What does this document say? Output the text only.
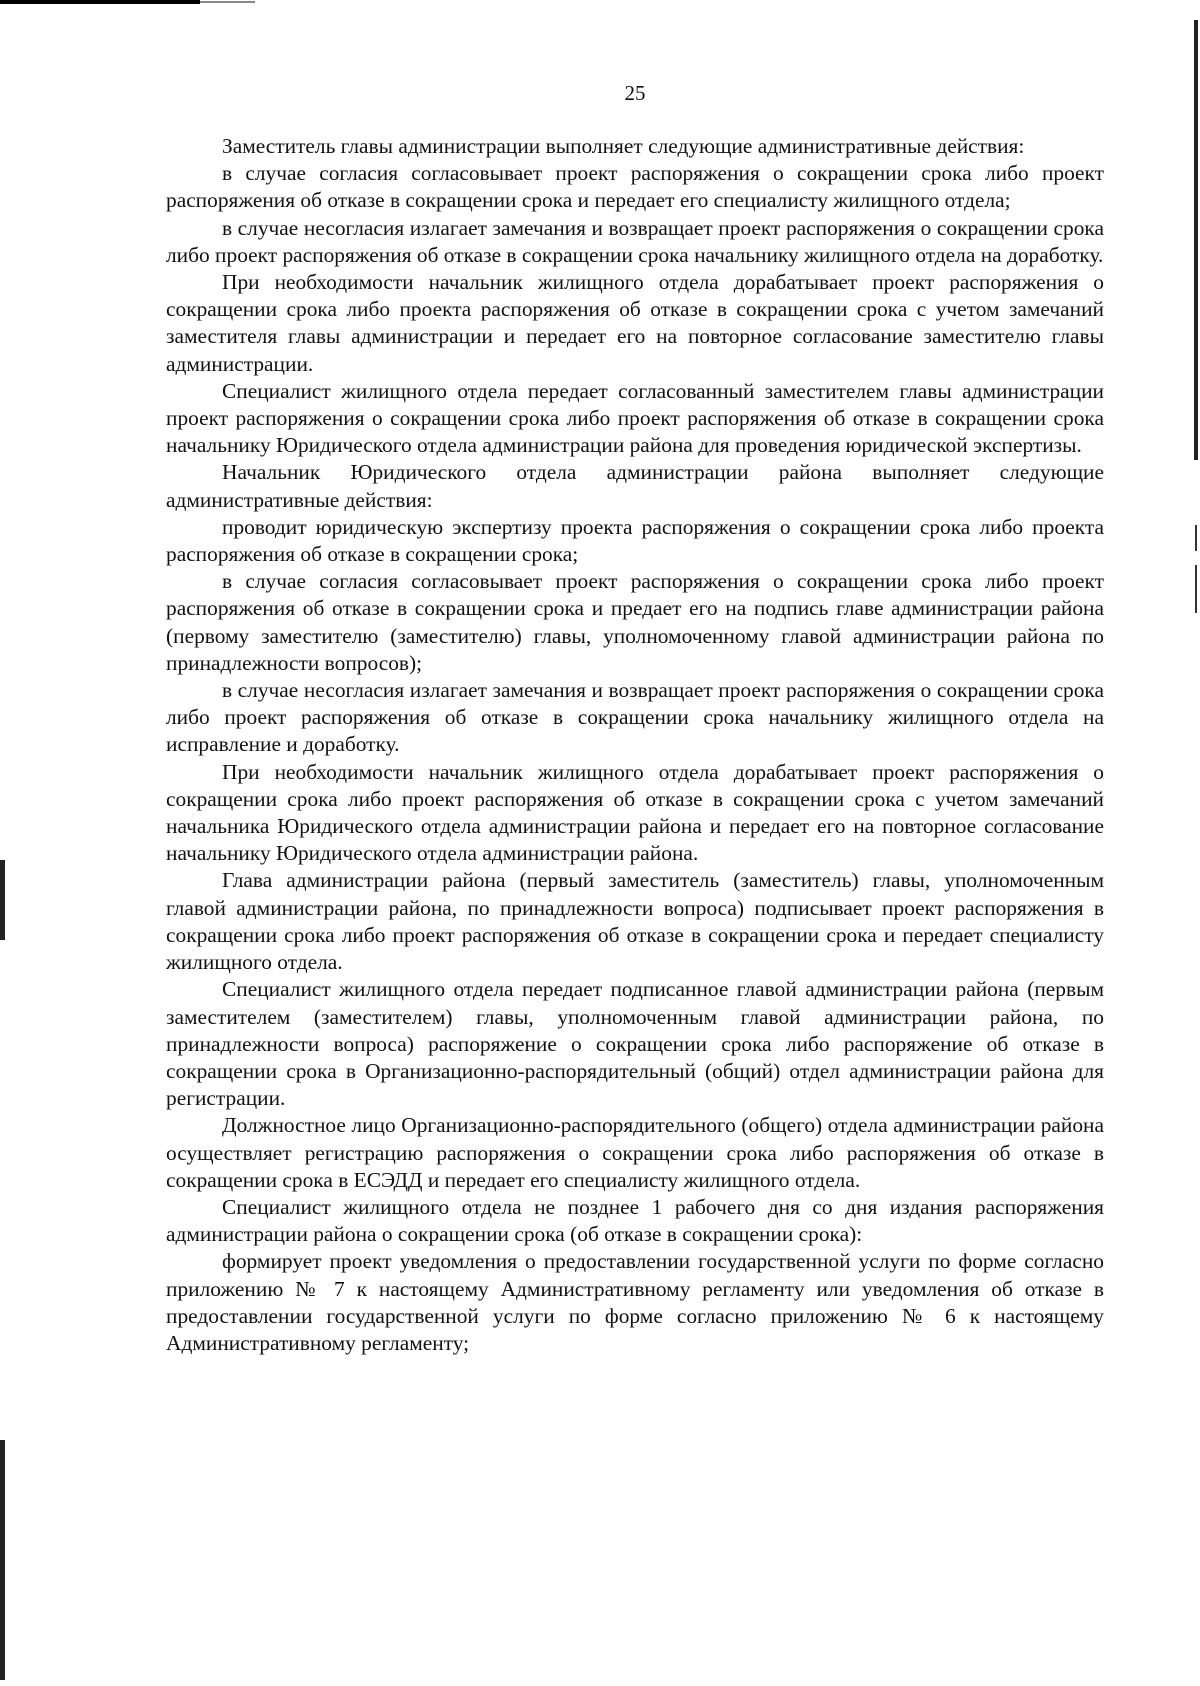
25

Заместитель главы администрации выполняет следующие административные действия:

в случае согласия согласовывает проект распоряжения о сокращении срока либо проект распоряжения об отказе в сокращении срока и передает его специалисту жилищного отдела;

в случае несогласия излагает замечания и возвращает проект распоряжения о сокращении срока либо проект распоряжения об отказе в сокращении срока начальнику жилищного отдела на доработку.

При необходимости начальник жилищного отдела дорабатывает проект распоряжения о сокращении срока либо проекта распоряжения об отказе в сокращении срока с учетом замечаний заместителя главы администрации и передает его на повторное согласование заместителю главы администрации.

Специалист жилищного отдела передает согласованный заместителем главы администрации проект распоряжения о сокращении срока либо проект распоряжения об отказе в сокращении срока начальнику Юридического отдела администрации района для проведения юридической экспертизы.

Начальник Юридического отдела администрации района выполняет следующие административные действия:

проводит юридическую экспертизу проекта распоряжения о сокращении срока либо проекта распоряжения об отказе в сокращении срока;

в случае согласия согласовывает проект распоряжения о сокращении срока либо проект распоряжения об отказе в сокращении срока и предает его на подпись главе администрации района (первому заместителю (заместителю) главы, уполномоченному главой администрации района по принадлежности вопросов);

в случае несогласия излагает замечания и возвращает проект распоряжения о сокращении срока либо проект распоряжения об отказе в сокращении срока начальнику жилищного отдела на исправление и доработку.

При необходимости начальник жилищного отдела дорабатывает проект распоряжения о сокращении срока либо проект распоряжения об отказе в сокращении срока с учетом замечаний начальника Юридического отдела администрации района и передает его на повторное согласование начальнику Юридического отдела администрации района.

Глава администрации района (первый заместитель (заместитель) главы, уполномоченным главой администрации района, по принадлежности вопроса) подписывает проект распоряжения в сокращении срока либо проект распоряжения об отказе в сокращении срока и передает специалисту жилищного отдела.

Специалист жилищного отдела передает подписанное главой администрации района (первым заместителем (заместителем) главы, уполномоченным главой администрации района, по принадлежности вопроса) распоряжение о сокращении срока либо распоряжение об отказе в сокращении срока в Организационно-распорядительный (общий) отдел администрации района для регистрации.

Должностное лицо Организационно-распорядительного (общего) отдела администрации района осуществляет регистрацию распоряжения о сокращении срока либо распоряжения об отказе в сокращении срока в ЕСЭДД и передает его специалисту жилищного отдела.

Специалист жилищного отдела не позднее 1 рабочего дня со дня издания распоряжения администрации района о сокращении срока (об отказе в сокращении срока):

формирует проект уведомления о предоставлении государственной услуги по форме согласно приложению № 7 к настоящему Административному регламенту или уведомления об отказе в предоставлении государственной услуги по форме согласно приложению № 6 к настоящему Административному регламенту;
